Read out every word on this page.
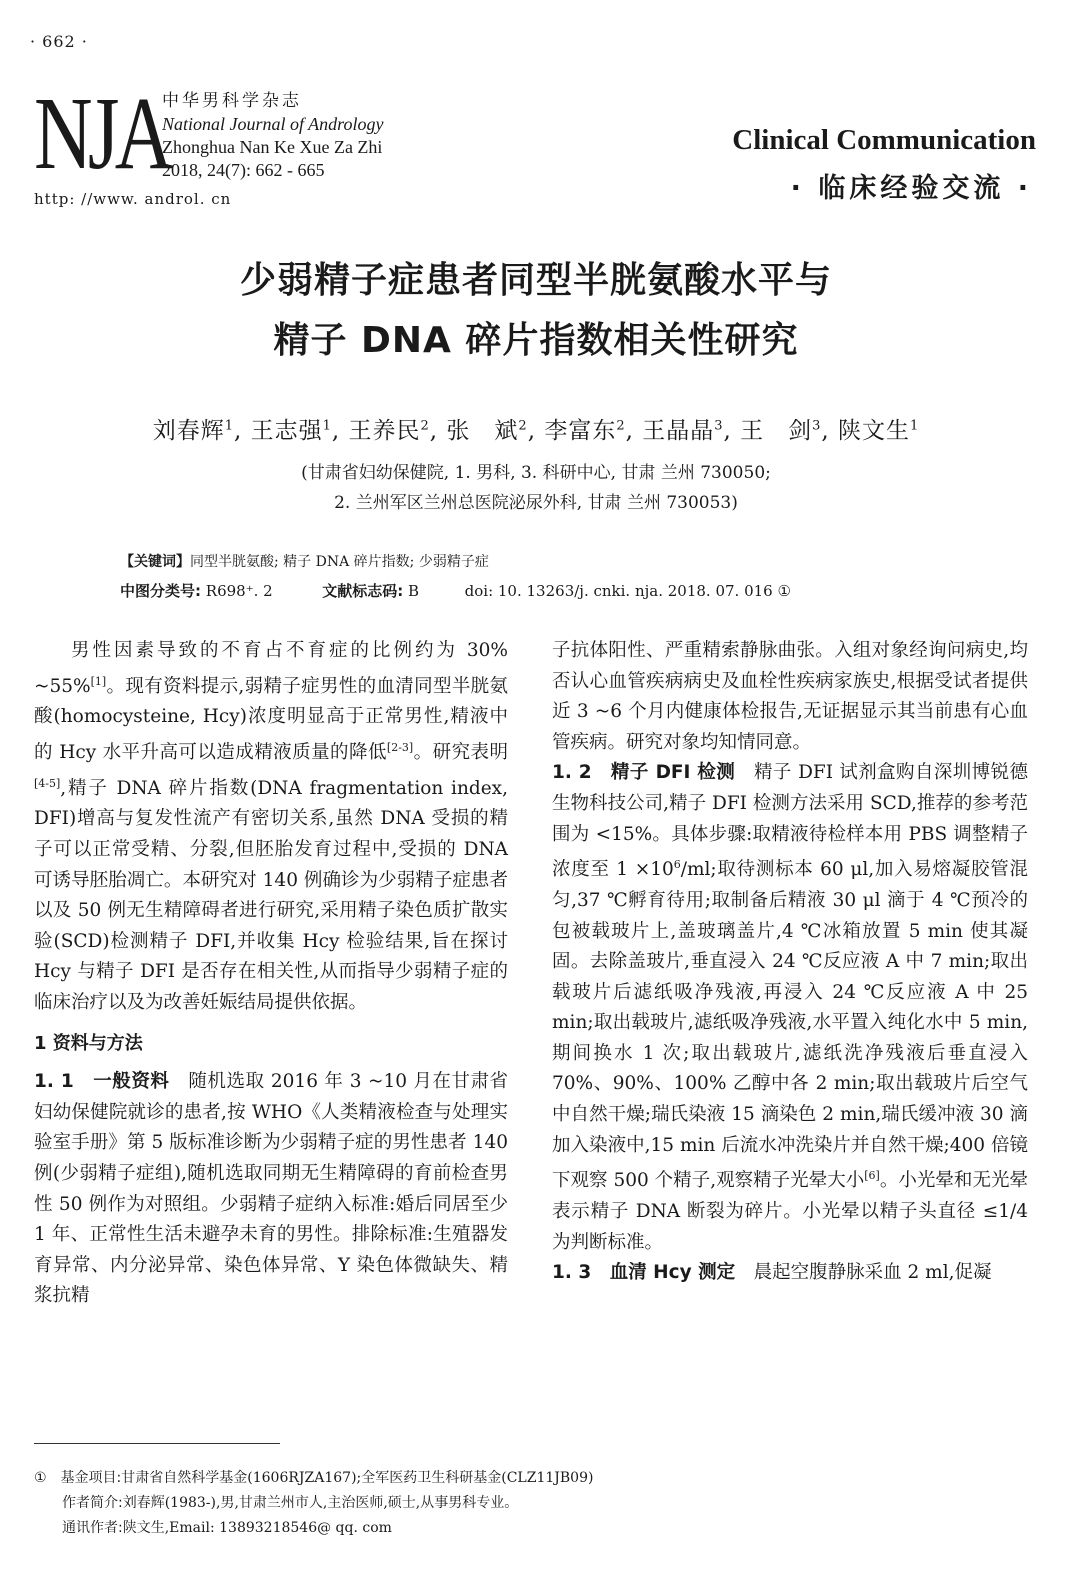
· 662 ·
NJA
中华男科学杂志
National Journal of Andrology
Zhonghua Nan Ke Xue Za Zhi
2018, 24(7): 662 - 665
http: //www. androl. cn
Clinical Communication
· 临床经验交流 ·
少弱精子症患者同型半胱氨酸水平与
精子 DNA 碎片指数相关性研究
刘春辉$^1$, 王志强$^1$, 王养民$^2$, 张　斌$^2$, 李富东$^2$, 王晶晶$^3$, 王　剑$^3$, 陕文生$^1$
(甘肃省妇幼保健院, 1. 男科, 3. 科研中心, 甘肃 兰州 730050;
2. 兰州军区兰州总医院泌尿外科, 甘肃 兰州 730053)
【关键词】同型半胱氨酸; 精子 DNA 碎片指数; 少弱精子症
中图分类号: R698⁺. 2	文献标志码: B	doi: 10. 13263/j. cnki. nja. 2018. 07. 016 ①

男性因素导致的不育占不育症的比例约为 30% ~55%[1]。现有资料提示,弱精子症男性的血清同型半胱氨酸(homocysteine, Hcy)浓度明显高于正常男性,精液中的 Hcy 水平升高可以造成精液质量的降低[2-3]。研究表明[4-5],精子 DNA 碎片指数(DNA fragmentation index, DFI)增高与复发性流产有密切关系,虽然 DNA 受损的精子可以正常受精、分裂,但胚胎发育过程中,受损的 DNA 可诱导胚胎凋亡。本研究对 140 例确诊为少弱精子症患者以及 50 例无生精障碍者进行研究,采用精子染色质扩散实验(SCD)检测精子 DFI,并收集 Hcy 检验结果,旨在探讨 Hcy 与精子 DFI 是否存在相关性,从而指导少弱精子症的临床治疗以及为改善妊娠结局提供依据。

1 资料与方法

1. 1　一般资料　 随机选取 2016 年 3 ~10 月在甘肃省妇幼保健院就诊的患者,按 WHO《人类精液检查与处理实验室手册》第 5 版标准诊断为少弱精子症的男性患者 140 例(少弱精子症组),随机选取同期无生精障碍的育前检查男性 50 例作为对照组。少弱精子症纳入标准:婚后同居至少 1 年、正常性生活未避孕未育的男性。排除标准:生殖器发育异常、内分泌异常、染色体异常、Y 染色体微缺失、精浆抗精

子抗体阳性、严重精索静脉曲张。入组对象经询问病史,均否认心血管疾病病史及血栓性疾病家族史,根据受试者提供近 3 ~6 个月内健康体检报告,无证据显示其当前患有心血管疾病。研究对象均知情同意。

1. 2　精子 DFI 检测　 精子 DFI 试剂盒购自深圳博锐德生物科技公司,精子 DFI 检测方法采用 SCD,推荐的参考范围为 <15%。具体步骤:取精液待检样本用 PBS 调整精子浓度至 $1 \times 10^6/ml$;取待测标本 60 μl,加入易熔凝胶管混匀,37 ℃孵育待用;取制备后精液 30 μl 滴于 4 ℃预冷的包被载玻片上,盖玻璃盖片,4 ℃冰箱放置 5 min 使其凝固。去除盖玻片,垂直浸入 24 ℃反应液 A 中 7 min;取出载玻片后滤纸吸净残液,再浸入 24 ℃反应液 A 中 25 min;取出载玻片,滤纸吸净残液,水平置入纯化水中 5 min,期间换水 1 次;取出载玻片,滤纸洗净残液后垂直浸入 70%、90%、100% 乙醇中各 2 min;取出载玻片后空气中自然干燥;瑞氏染液 15 滴染色 2 min,瑞氏缓冲液 30 滴加入染液中,15 min 后流水冲洗染片并自然干燥;400 倍镜下观察 500 个精子,观察精子光晕大小[6]。小光晕和无光晕表示精子 DNA 断裂为碎片。小光晕以精子头直径 ≤1/4 为判断标准。

1. 3　血清 Hcy 测定　 晨起空腹静脉采血 2 ml,促凝

①　基金项目:甘肃省自然科学基金(1606RJZA167);全军医药卫生科研基金(CLZ11JB09)
作者简介:刘春辉(1983-),男,甘肃兰州市人,主治医师,硕士,从事男科专业。
通讯作者:陕文生,Email: 13893218546@ qq. com
